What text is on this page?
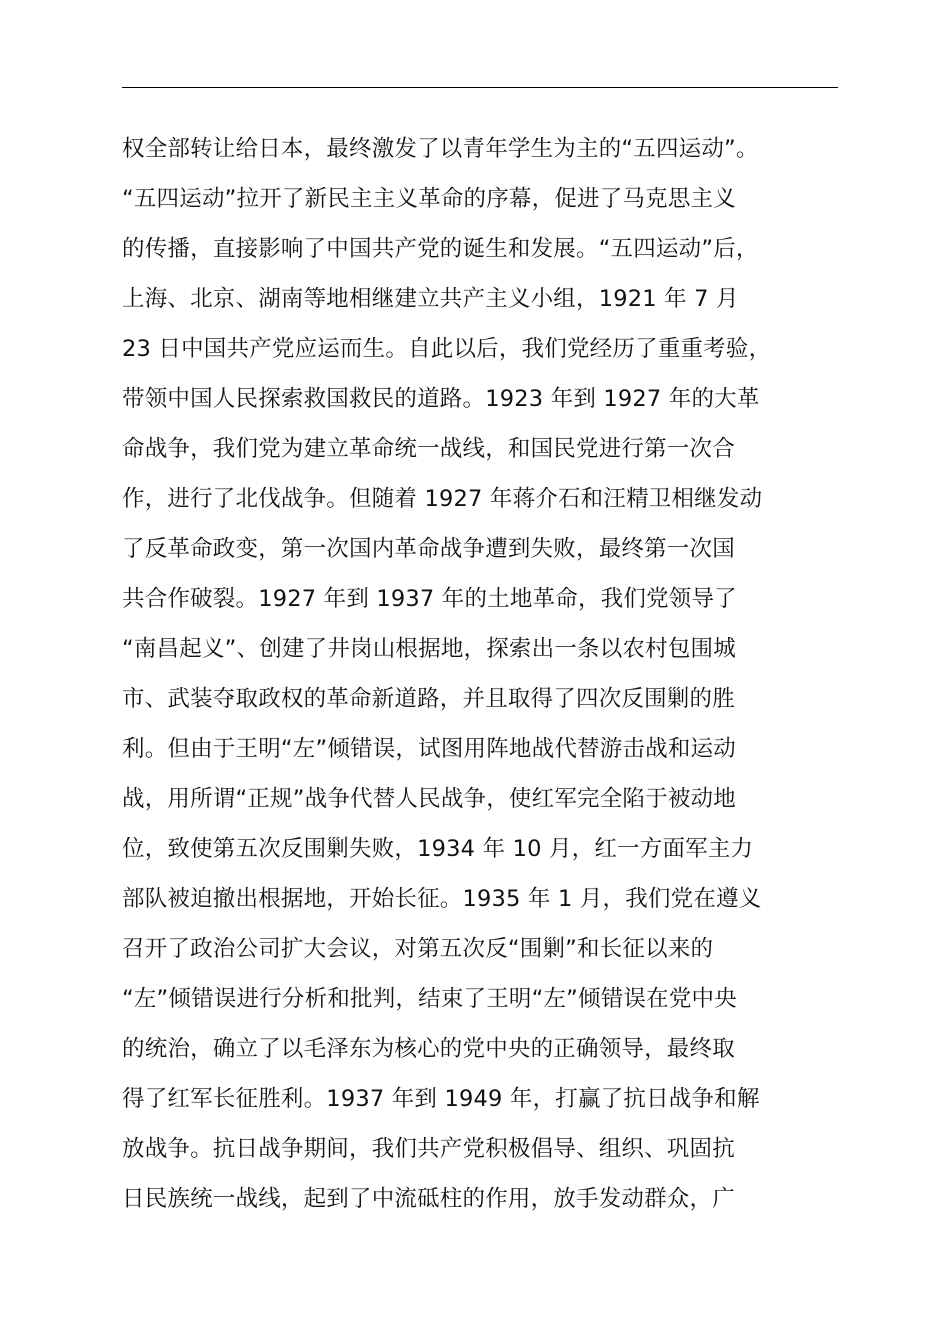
权全部转让给日本，最终激发了以青年学生为主的“五四运动”。
“五四运动”拉开了新民主主义革命的序幕，促进了马克思主义
的传播，直接影响了中国共产党的诞生和发展。“五四运动”后，
上海、北京、湖南等地相继建立共产主义小组，1921 年 7 月
23 日中国共产党应运而生。自此以后，我们党经历了重重考验，
带领中国人民探索救国救民的道路。1923 年到 1927 年的大革
命战争，我们党为建立革命统一战线，和国民党进行第一次合
作，进行了北伐战争。但随着 1927 年蒋介石和汪精卫相继发动
了反革命政变，第一次国内革命战争遭到失败，最终第一次国
共合作破裂。1927 年到 1937 年的土地革命，我们党领导了
“南昌起义”、创建了井岗山根据地，探索出一条以农村包围城
市、武装夺取政权的革命新道路，并且取得了四次反围剿的胜
利。但由于王明“左”倾错误，试图用阵地战代替游击战和运动
战，用所谓“正规”战争代替人民战争，使红军完全陷于被动地
位，致使第五次反围剿失败，1934 年 10 月，红一方面军主力
部队被迫撤出根据地，开始长征。1935 年 1 月，我们党在遵义
召开了政治公司扩大会议，对第五次反“围剿”和长征以来的
“左”倾错误进行分析和批判，结束了王明“左”倾错误在党中央
的统治，确立了以毛泽东为核心的党中央的正确领导，最终取
得了红军长征胜利。1937 年到 1949 年，打赢了抗日战争和解
放战争。抗日战争期间，我们共产党积极倡导、组织、巩固抗
日民族统一战线，起到了中流砥柱的作用，放手发动群众，广
